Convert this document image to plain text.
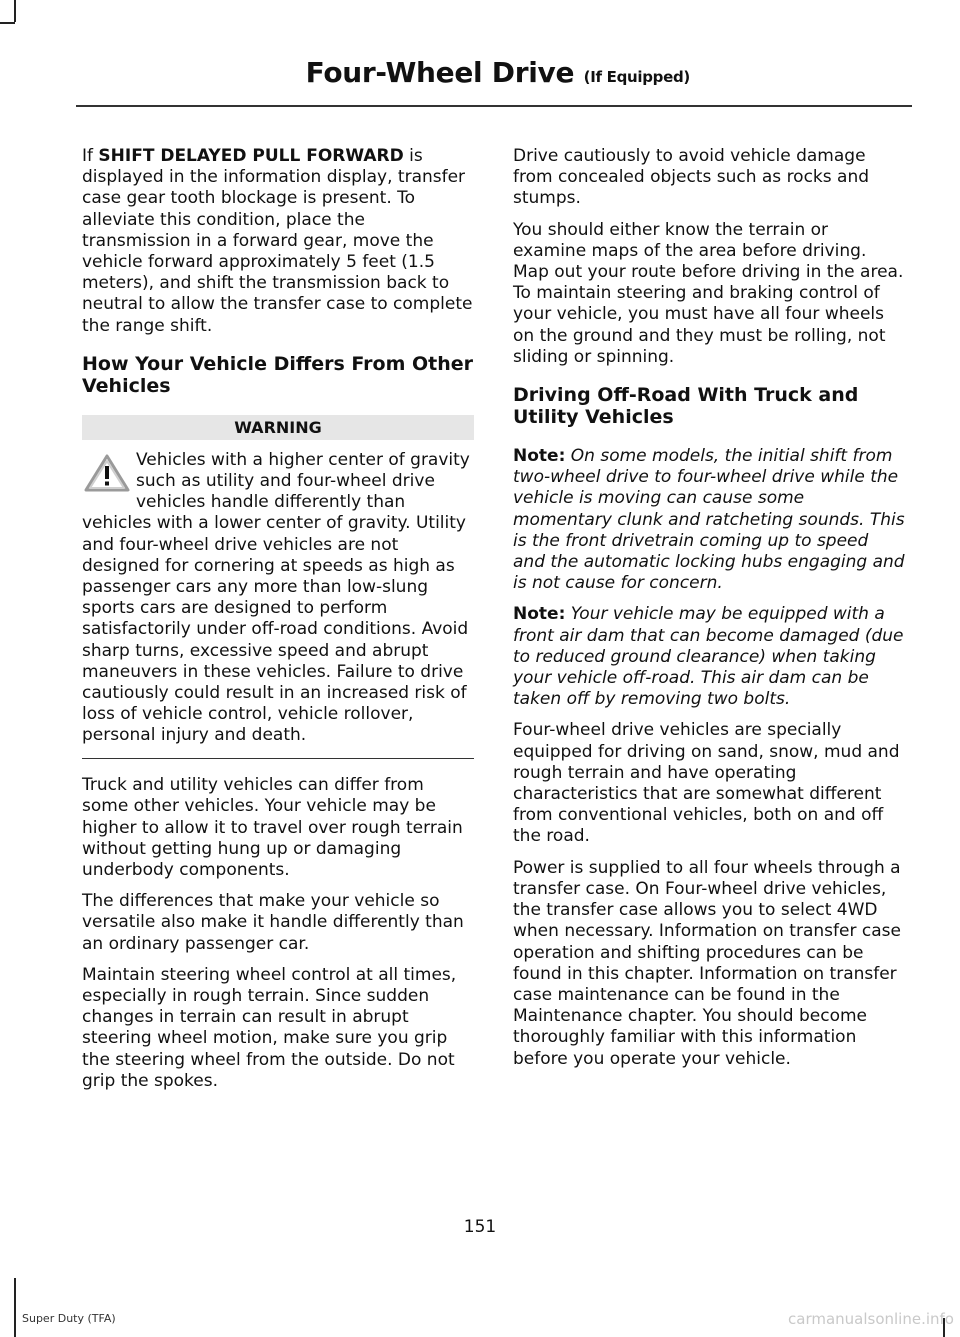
Four-Wheel Drive (If Equipped)

If SHIFT DELAYED PULL FORWARD is displayed in the information display, transfer case gear tooth blockage is present. To alleviate this condition, place the transmission in a forward gear, move the vehicle forward approximately 5 feet (1.5 meters), and shift the transmission back to neutral to allow the transfer case to complete the range shift.

How Your Vehicle Differs From Other Vehicles
WARNING
Vehicles with a higher center of gravity such as utility and four-wheel drive vehicles handle differently than vehicles with a lower center of gravity. Utility and four-wheel drive vehicles are not designed for cornering at speeds as high as passenger cars any more than low-slung sports cars are designed to perform satisfactorily under off-road conditions. Avoid sharp turns, excessive speed and abrupt maneuvers in these vehicles. Failure to drive cautiously could result in an increased risk of loss of vehicle control, vehicle rollover, personal injury and death.

Truck and utility vehicles can differ from some other vehicles. Your vehicle may be higher to allow it to travel over rough terrain without getting hung up or damaging underbody components.

The differences that make your vehicle so versatile also make it handle differently than an ordinary passenger car.

Maintain steering wheel control at all times, especially in rough terrain. Since sudden changes in terrain can result in abrupt steering wheel motion, make sure you grip the steering wheel from the outside. Do not grip the spokes.

Drive cautiously to avoid vehicle damage from concealed objects such as rocks and stumps.

You should either know the terrain or examine maps of the area before driving. Map out your route before driving in the area. To maintain steering and braking control of your vehicle, you must have all four wheels on the ground and they must be rolling, not sliding or spinning.

Driving Off-Road With Truck and Utility Vehicles

Note: On some models, the initial shift from two-wheel drive to four-wheel drive while the vehicle is moving can cause some momentary clunk and ratcheting sounds. This is the front drivetrain coming up to speed and the automatic locking hubs engaging and is not cause for concern.

Note: Your vehicle may be equipped with a front air dam that can become damaged (due to reduced ground clearance) when taking your vehicle off-road. This air dam can be taken off by removing two bolts.

Four-wheel drive vehicles are specially equipped for driving on sand, snow, mud and rough terrain and have operating characteristics that are somewhat different from conventional vehicles, both on and off the road.

Power is supplied to all four wheels through a transfer case. On Four-wheel drive vehicles, the transfer case allows you to select 4WD when necessary. Information on transfer case operation and shifting procedures can be found in this chapter. Information on transfer case maintenance can be found in the Maintenance chapter. You should become thoroughly familiar with this information before you operate your vehicle.

151
Super Duty (TFA)	carmanualsonline.info
